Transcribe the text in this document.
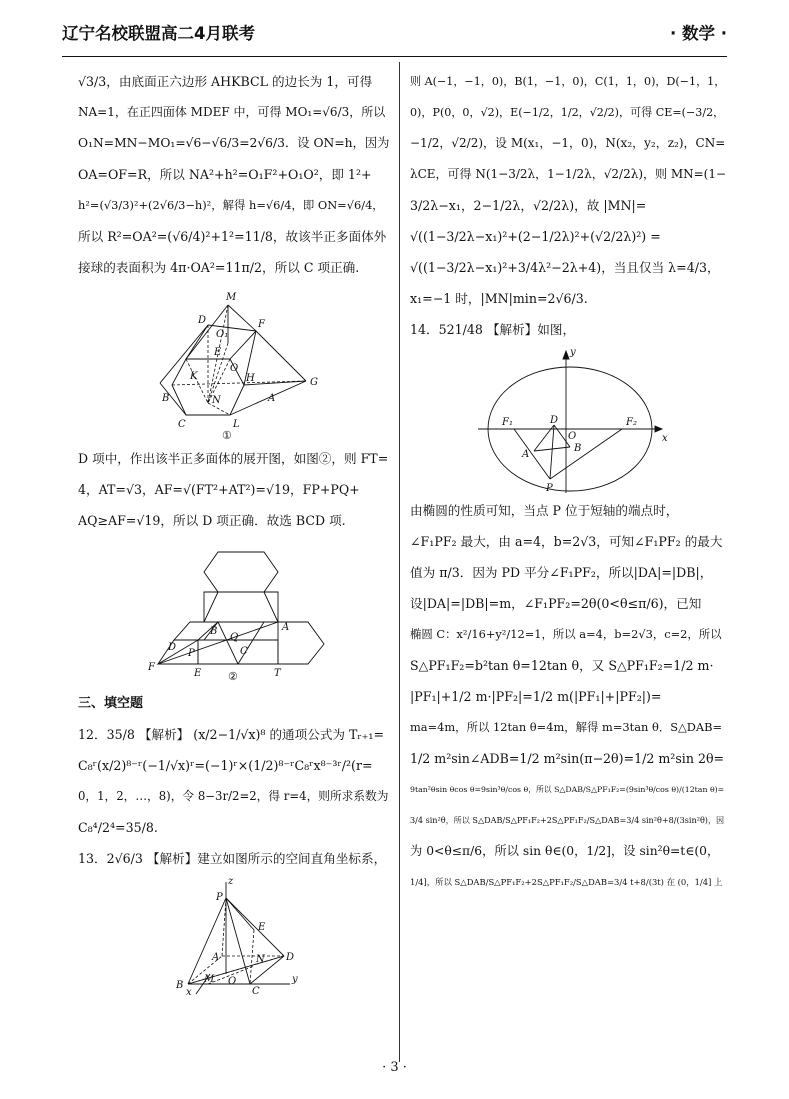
辽宁名校联盟高二4月联考	· 数学 ·
√3/3，由底面正六边形 AHKBCL 的边长为 1，可得
NA=1，在正四面体 MDEF 中，可得 MO₁=√6/3，所以
O₁N=MN−MO₁=√6−√6/3=2√6/3．设 ON=h，因为
OA=OF=R，所以 NA²+h²=O₁F²+O₁O²，即 1²+
h²=(√3/3)²+(2√6/3−h)²，解得 h=√6/4，即 ON=√6/4，
所以 R²=OA²=(√6/4)²+1²=11/8，故该半正多面体外
接球的表面积为 4π·OA²=11π/2，所以 C 项正确.
M
D	F
O₁
E
O
K	H	G
B	N	A
C	L
①
D 项中，作出该半正多面体的展开图，如图②，则 FT=
4，AT=√3，AF=√(FT²+AT²)=√19，FP+PQ+
AQ≥AF=√19，所以 D 项正确．故选 BCD 项.
B	A
Q
C
D
P
F
E	T
②
三、填空题
12．35/8 【解析】 (x/2−1/√x)⁸ 的通项公式为 Tᵣ₊₁=
C₈ʳ(x/2)⁸⁻ʳ(−1/√x)ʳ=(−1)ʳ×(1/2)⁸⁻ʳC₈ʳx⁸⁻³ʳ/²(r=
0，1，2，…，8)，令 8−3r/2=2，得 r=4，则所求系数为
C₈⁴/2⁴=35/8.
13．2√6/3 【解析】建立如图所示的空间直角坐标系，
z
P
E
A	N D
B
M O
C
y
x
则 A(−1，−1，0)，B(1，−1，0)，C(1，1，0)，D(−1，1，
0)，P(0，0，√2)，E(−1/2，1/2，√2/2)，可得 CE=(−3/2，
−1/2，√2/2)，设 M(x₁，−1，0)，N(x₂，y₂，z₂)，CN=
λCE，可得 N(1−3/2λ，1−1/2λ，√2/2λ)，则 MN=(1−
3/2λ−x₁，2−1/2λ，√2/2λ)，故 |MN|=
√((1−3/2λ−x₁)²+(2−1/2λ)²+(√2/2λ)²) =
√((1−3/2λ−x₁)²+3/4λ²−2λ+4)，当且仅当 λ=4/3，
x₁=−1 时，|MN|min=2√6/3.
14．521/48 【解析】如图，
y
F₁	D
O
F₂
x
A
B
P
由椭圆的性质可知，当点 P 位于短轴的端点时，
∠F₁PF₂ 最大，由 a=4，b=2√3，可知∠F₁PF₂ 的最大
值为 π/3．因为 PD 平分∠F₁PF₂，所以|DA|=|DB|，
设|DA|=|DB|=m，∠F₁PF₂=2θ(0<θ≤π/6)，已知
椭圆 C：x²/16+y²/12=1，所以 a=4，b=2√3，c=2，所以
S△PF₁F₂=b²tan θ=12tan θ，又 S△PF₁F₂=1/2 m·
|PF₁|+1/2 m·|PF₂|=1/2 m(|PF₁|+|PF₂|)=
ma=4m，所以 12tan θ=4m，解得 m=3tan θ．S△DAB=
1/2 m²sin∠ADB=1/2 m²sin(π−2θ)=1/2 m²sin 2θ=
9tan²θsin θcos θ=9sin³θ/cos θ，所以 S△DAB/S△PF₁F₂=(9sin³θ/cos θ)/(12tan θ)=
3/4 sin²θ，所以 S△DAB/S△PF₁F₂+2S△PF₁F₂/S△DAB=3/4 sin²θ+8/(3sin²θ)，因
为 0<θ≤π/6，所以 sin θ∈(0，1/2]，设 sin²θ=t∈(0，
1/4]，所以 S△DAB/S△PF₁F₂+2S△PF₁F₂/S△DAB=3/4 t+8/(3t) 在 (0，1/4] 上
· 3 ·
